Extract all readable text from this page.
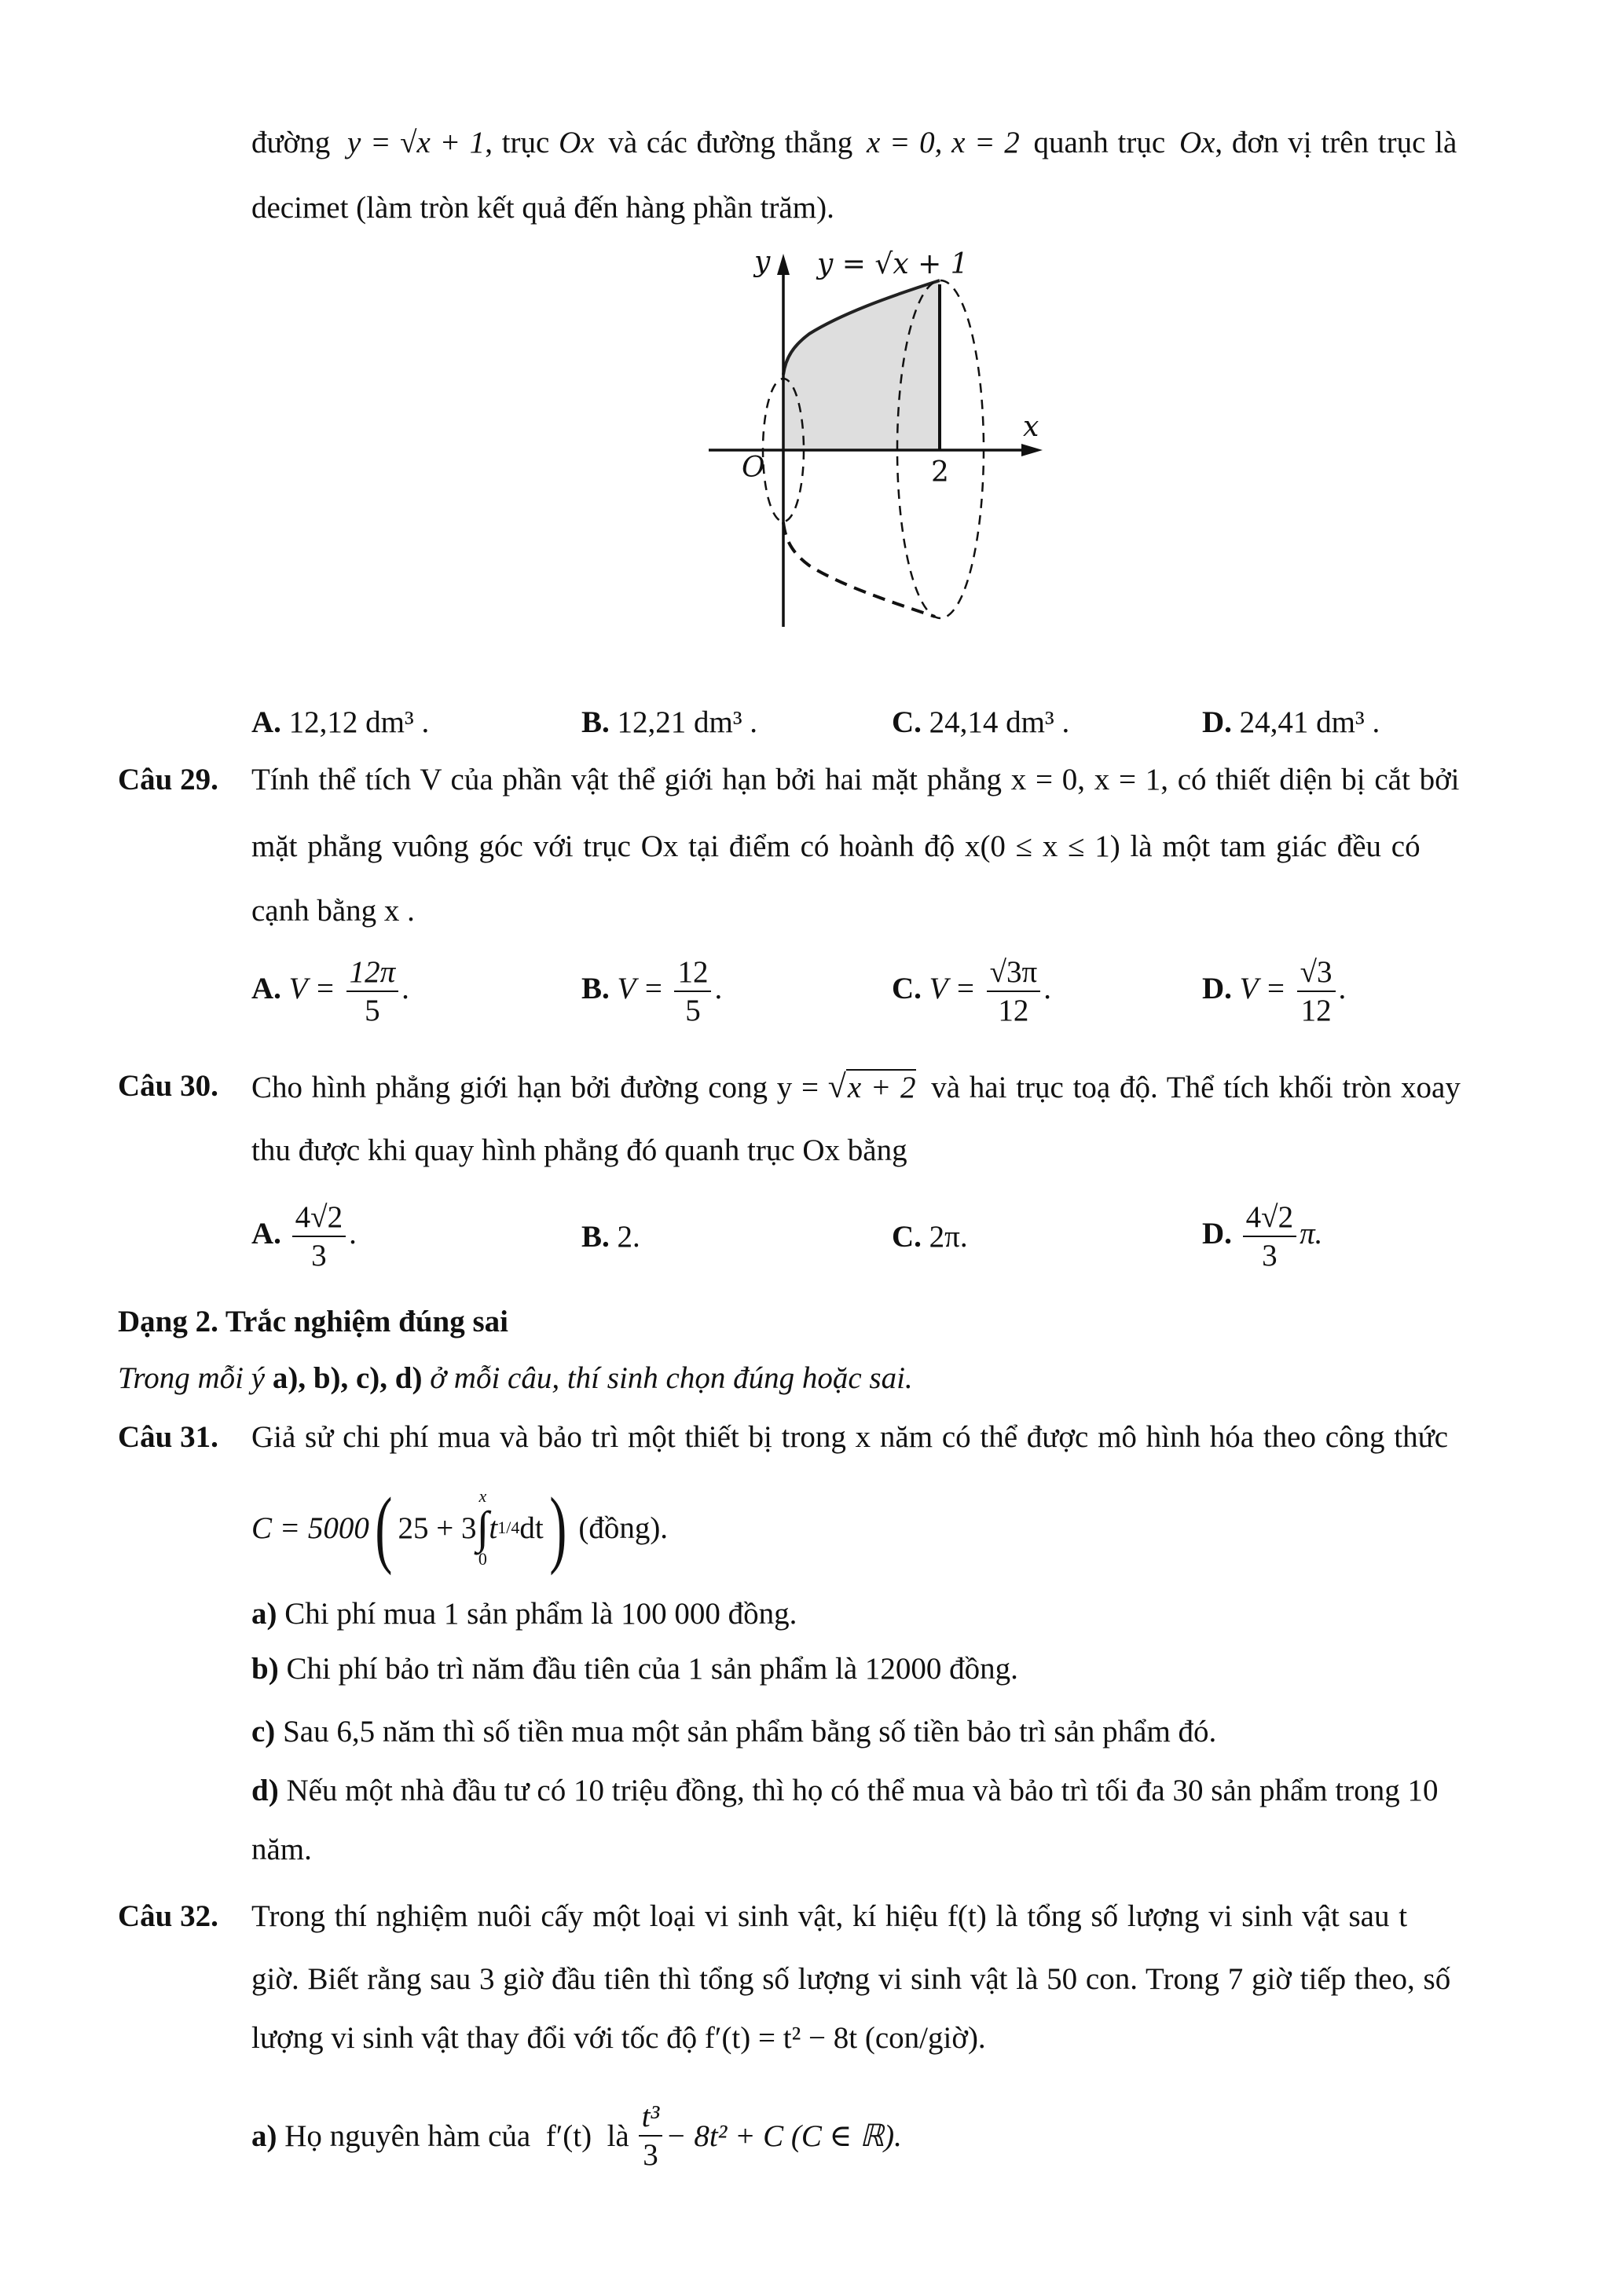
đường y = √x + 1, trục Ox và các đường thẳng x = 0, x = 2 quanh trục Ox, đơn vị trên trục là
decimet (làm tròn kết quả đến hàng phần trăm).
y y = √x + 1
x
O	2
A. 12,12 dm³ .	B. 12,21 dm³ .	C. 24,14 dm³ .	D. 24,41 dm³ .
Câu 29. Tính thể tích V của phần vật thể giới hạn bởi hai mặt phẳng x = 0, x = 1, có thiết diện bị cắt bởi
mặt phẳng vuông góc với trục Ox tại điểm có hoành độ x(0 ≤ x ≤ 1) là một tam giác đều có
cạnh bằng x .
A. $V = \frac{12\pi}{5}$ .	B. $V = \frac{12}{5}$ .	C. $V = \frac{√3\pi}{12}$ .	D. $V = \frac{√3}{12}$ .
Câu 30. Cho hình phẳng giới hạn bởi đường cong y = √x + 2 và hai trục toạ độ. Thể tích khối tròn xoay
thu được khi quay hình phẳng đó quanh trục Ox bằng
A. $\frac{4√2}{3}$ .	B. 2.	C. 2π.	D. $\frac{4√2}{3} \pi$.
Dạng 2. Trắc nghiệm đúng sai
Trong mỗi ý a), b), c), d) ở mỗi câu, thí sinh chọn đúng hoặc sai.
Câu 31. Giả sử chi phí mua và bảo trì một thiết bị trong x năm có thể được mô hình hóa theo công thức
C = 5000 ( 25 + 3
x
∫
0
t 1/4 dt ) (đồng).
a) Chi phí mua 1 sản phẩm là 100 000 đồng.
b) Chi phí bảo trì năm đầu tiên của 1 sản phẩm là 12000 đồng.
c) Sau 6,5 năm thì số tiền mua một sản phẩm bằng số tiền bảo trì sản phẩm đó.
d) Nếu một nhà đầu tư có 10 triệu đồng, thì họ có thể mua và bảo trì tối đa 30 sản phẩm trong 10
năm.
Câu 32. Trong thí nghiệm nuôi cấy một loại vi sinh vật, kí hiệu f(t) là tổng số lượng vi sinh vật sau t
giờ. Biết rằng sau 3 giờ đầu tiên thì tổng số lượng vi sinh vật là 50 con. Trong 7 giờ tiếp theo, số
lượng vi sinh vật thay đổi với tốc độ f′(t) = t² − 8t (con/giờ).
a) Họ nguyên hàm của  f′(t)  là $\frac{\text{t³}}{3} - 8t^2 + C$ (C ∈ ℝ).
